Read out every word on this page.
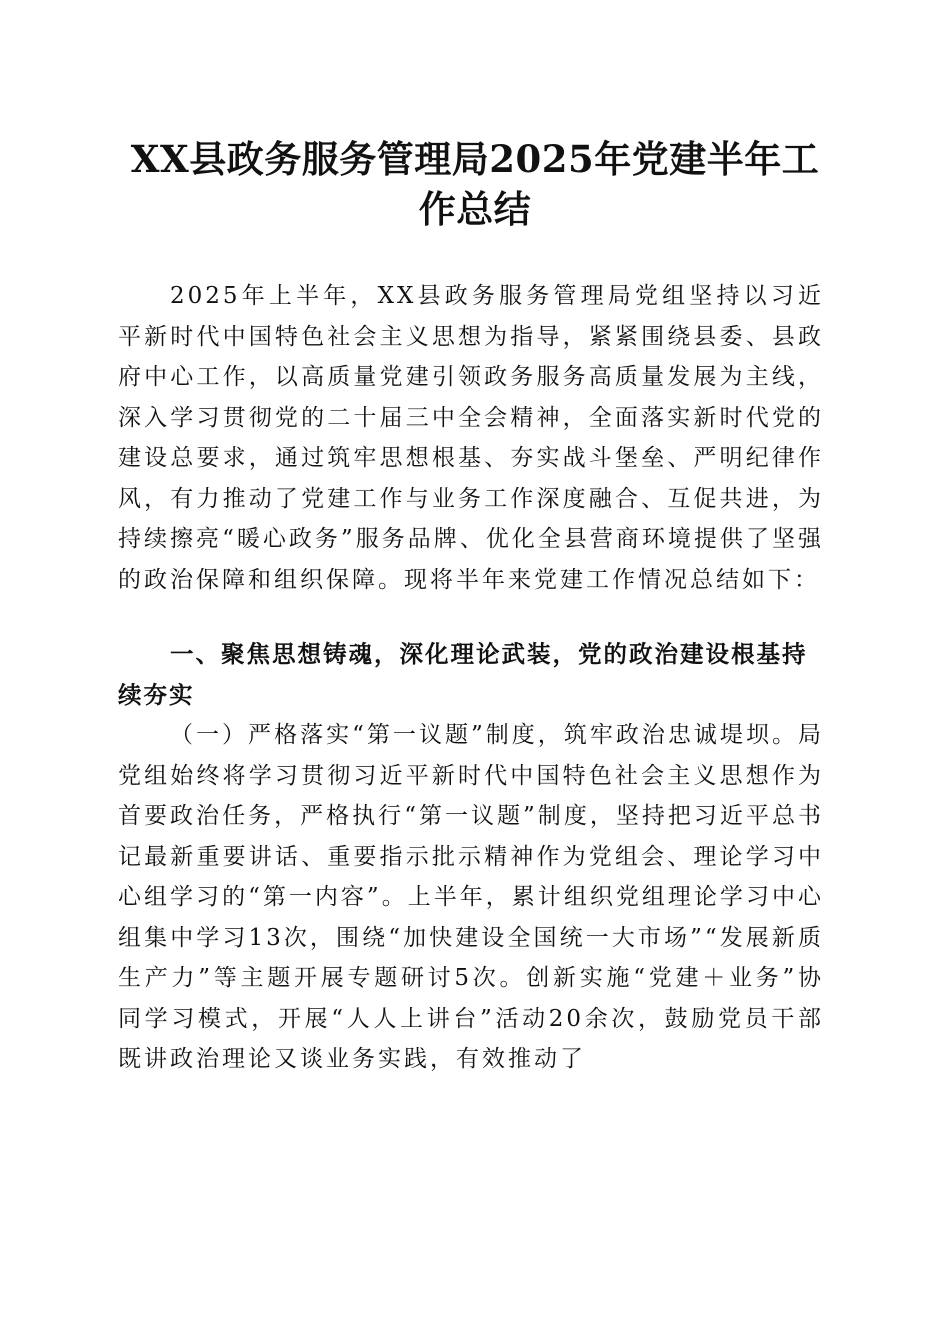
XX县政务服务管理局2025年党建半年工作总结

2025年上半年，XX县政务服务管理局党组坚持以习近平新时代中国特色社会主义思想为指导，紧紧围绕县委、县政府中心工作，以高质量党建引领政务服务高质量发展为主线，深入学习贯彻党的二十届三中全会精神，全面落实新时代党的建设总要求，通过筑牢思想根基、夯实战斗堡垒、严明纪律作风，有力推动了党建工作与业务工作深度融合、互促共进，为持续擦亮“暖心政务”服务品牌、优化全县营商环境提供了坚强的政治保障和组织保障。现将半年来党建工作情况总结如下：

一、聚焦思想铸魂，深化理论武装，党的政治建设根基持续夯实

（一）严格落实“第一议题”制度，筑牢政治忠诚堤坝。局党组始终将学习贯彻习近平新时代中国特色社会主义思想作为首要政治任务，严格执行“第一议题”制度，坚持把习近平总书记最新重要讲话、重要指示批示精神作为党组会、理论学习中心组学习的“第一内容”。上半年，累计组织党组理论学习中心组集中学习13次，围绕“加快建设全国统一大市场”“发展新质生产力”等主题开展专题研讨5次。创新实施“党建＋业务”协同学习模式，开展“人人上讲台”活动20余次，鼓励党员干部既讲政治理论又谈业务实践，有效推动了
